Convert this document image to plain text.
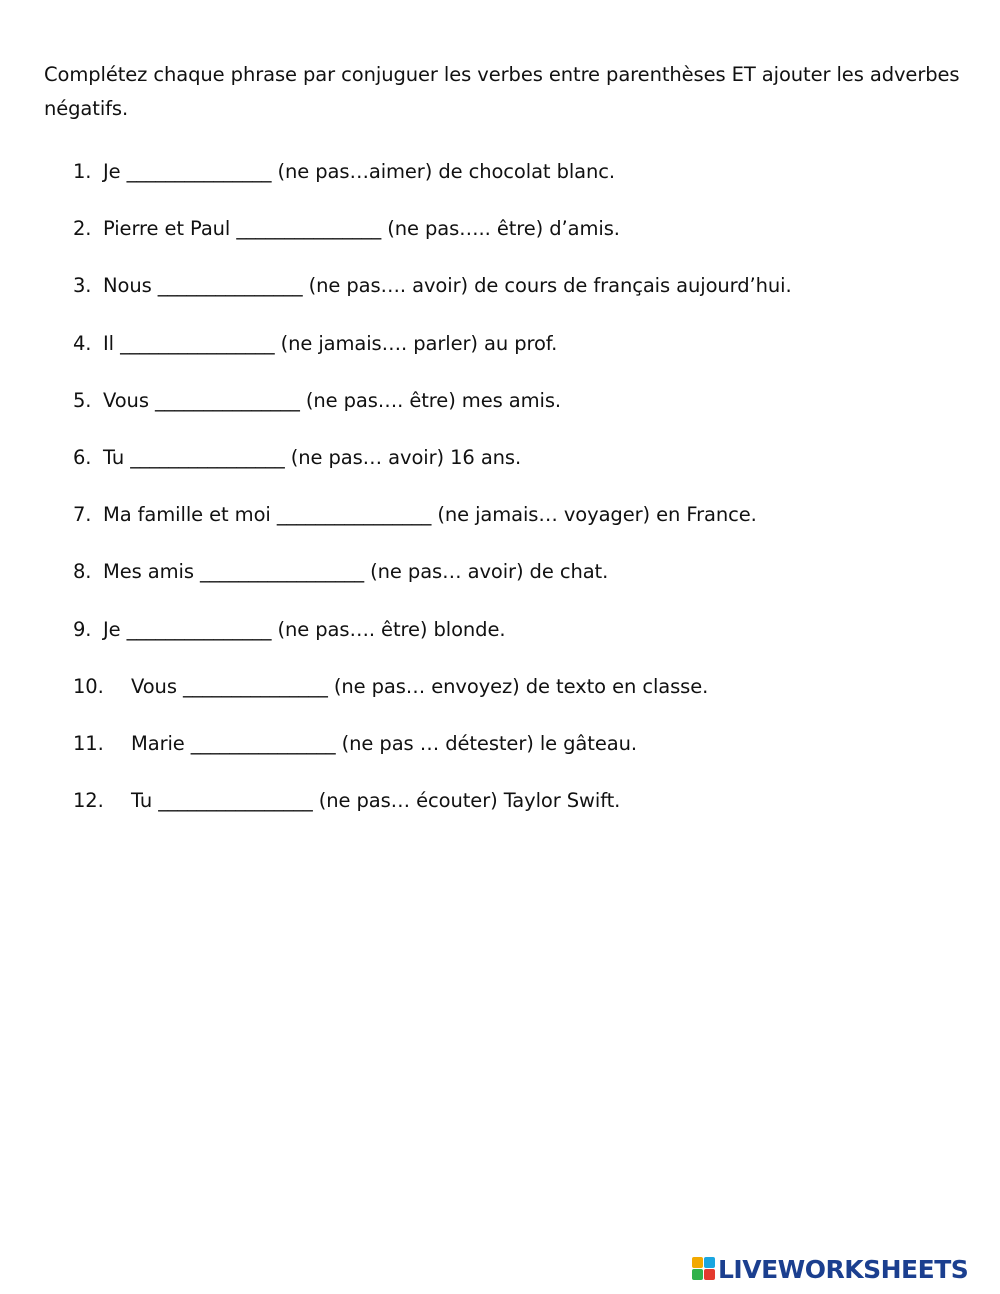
Complétez chaque phrase par conjuguer les verbes entre parenthèses ET ajouter les adverbes négatifs.
1. Je _______________ (ne pas…aimer) de chocolat blanc.
2. Pierre et Paul _______________ (ne pas….. être) d’amis.
3. Nous _______________ (ne pas…. avoir) de cours de français aujourd’hui.
4. Il ________________ (ne jamais…. parler) au prof.
5. Vous _______________ (ne pas…. être) mes amis.
6. Tu ________________ (ne pas… avoir) 16 ans.
7. Ma famille et moi ________________ (ne jamais… voyager) en France.
8. Mes amis _________________ (ne pas… avoir) de chat.
9. Je _______________ (ne pas…. être) blonde.
10. Vous _______________ (ne pas… envoyez) de texto en classe.
11. Marie _______________ (ne pas … détester) le gâteau.
12. Tu ________________ (ne pas… écouter) Taylor Swift.
LIVEWORKSHEETS
